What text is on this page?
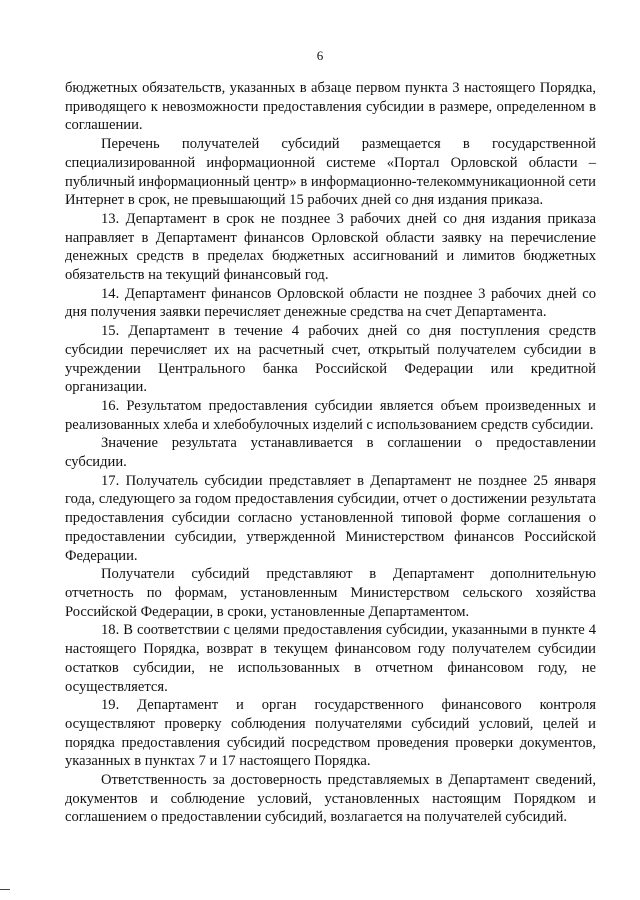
6

бюджетных обязательств, указанных в абзаце первом пункта 3 настоящего Порядка, приводящего к невозможности предоставления субсидии в размере, определенном в соглашении.

Перечень получателей субсидий размещается в государственной специализированной информационной системе «Портал Орловской области – публичный информационный центр» в информационно-телекоммуникационной сети Интернет в срок, не превышающий 15 рабочих дней со дня издания приказа.

13. Департамент в срок не позднее 3 рабочих дней со дня издания приказа направляет в Департамент финансов Орловской области заявку на перечисление денежных средств в пределах бюджетных ассигнований и лимитов бюджетных обязательств на текущий финансовый год.

14. Департамент финансов Орловской области не позднее 3 рабочих дней со дня получения заявки перечисляет денежные средства на счет Департамента.

15. Департамент в течение 4 рабочих дней со дня поступления средств субсидии перечисляет их на расчетный счет, открытый получателем субсидии в учреждении Центрального банка Российской Федерации или кредитной организации.

16. Результатом предоставления субсидии является объем произведенных и реализованных хлеба и хлебобулочных изделий с использованием средств субсидии.

Значение результата устанавливается в соглашении о предоставлении субсидии.

17. Получатель субсидии представляет в Департамент не позднее 25 января года, следующего за годом предоставления субсидии, отчет о достижении результата предоставления субсидии согласно установленной типовой форме соглашения о предоставлении субсидии, утвержденной Министерством финансов Российской Федерации.

Получатели субсидий представляют в Департамент дополнительную отчетность по формам, установленным Министерством сельского хозяйства Российской Федерации, в сроки, установленные Департаментом.

18. В соответствии с целями предоставления субсидии, указанными в пункте 4 настоящего Порядка, возврат в текущем финансовом году получателем субсидии остатков субсидии, не использованных в отчетном финансовом году, не осуществляется.

19. Департамент и орган государственного финансового контроля осуществляют проверку соблюдения получателями субсидий условий, целей и порядка предоставления субсидий посредством проведения проверки документов, указанных в пунктах 7 и 17 настоящего Порядка.

Ответственность за достоверность представляемых в Департамент сведений, документов и соблюдение условий, установленных настоящим Порядком и соглашением о предоставлении субсидий, возлагается на получателей субсидий.
